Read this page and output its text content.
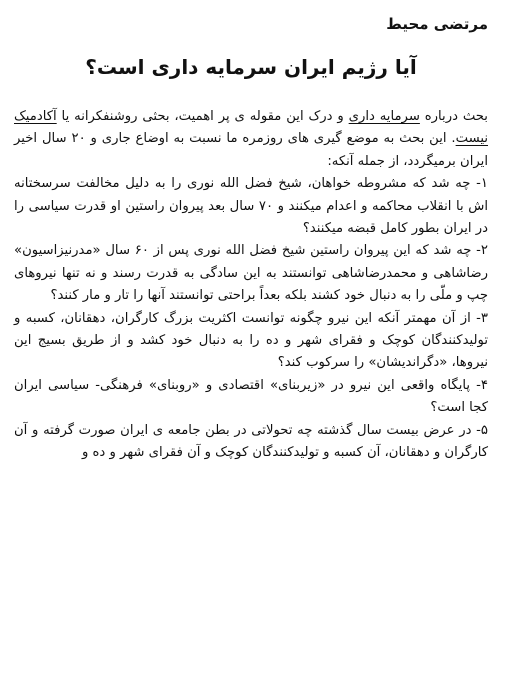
مرتضی محیط
آیا رژیم ایران سرمایه داری است؟

بحث درباره سرمایه داری و درک این مقوله ی پر اهمیت، بحثی روشنفکرانه یا آکادمیک نیست. این بحث به موضع گیری های روزمره ما نسبت به اوضاع جاری و ۲۰ سال اخیر ایران برمیگردد، از جمله آنکه:

۱- چه شد که مشروطه خواهان، شیخ فضل الله نوری را به دلیل مخالفت سرسختانه اش با انقلاب محاکمه و اعدام میکنند و ۷۰ سال بعد پیروان راستین او قدرت سیاسی را در ایران بطور کامل قبضه میکنند؟

۲- چه شد که این پیروان راستین شیخ فضل الله نوری پس از ۶۰ سال «مدرنیزاسیون» رضاشاهی و محمدرضاشاهی توانستند به این سادگی به قدرت رسند و نه تنها نیروهای چپ و ملّی را به دنبال خود کشند بلکه بعداً براحتی توانستند آنها را تار و مار کنند؟

۳- از آن مهمتر آنکه این نیرو چگونه توانست اکثریت بزرگ کارگران، دهقانان، کسبه و تولیدکنندگان کوچک و فقرای شهر و ده را به دنبال خود کشد و از طریق بسیج این نیروها، «دگراندیشان» را سرکوب کند؟

۴- پایگاه واقعی این نیرو در «زیربنای» اقتصادی و «روبنای» فرهنگی- سیاسی ایران کجا است؟

۵- در عرض بیست سال گذشته چه تحولاتی در بطن جامعه ی ایران صورت گرفته و آن کارگران و دهقانان، آن کسبه و تولیدکنندگان کوچک و آن فقرای شهر و ده و
